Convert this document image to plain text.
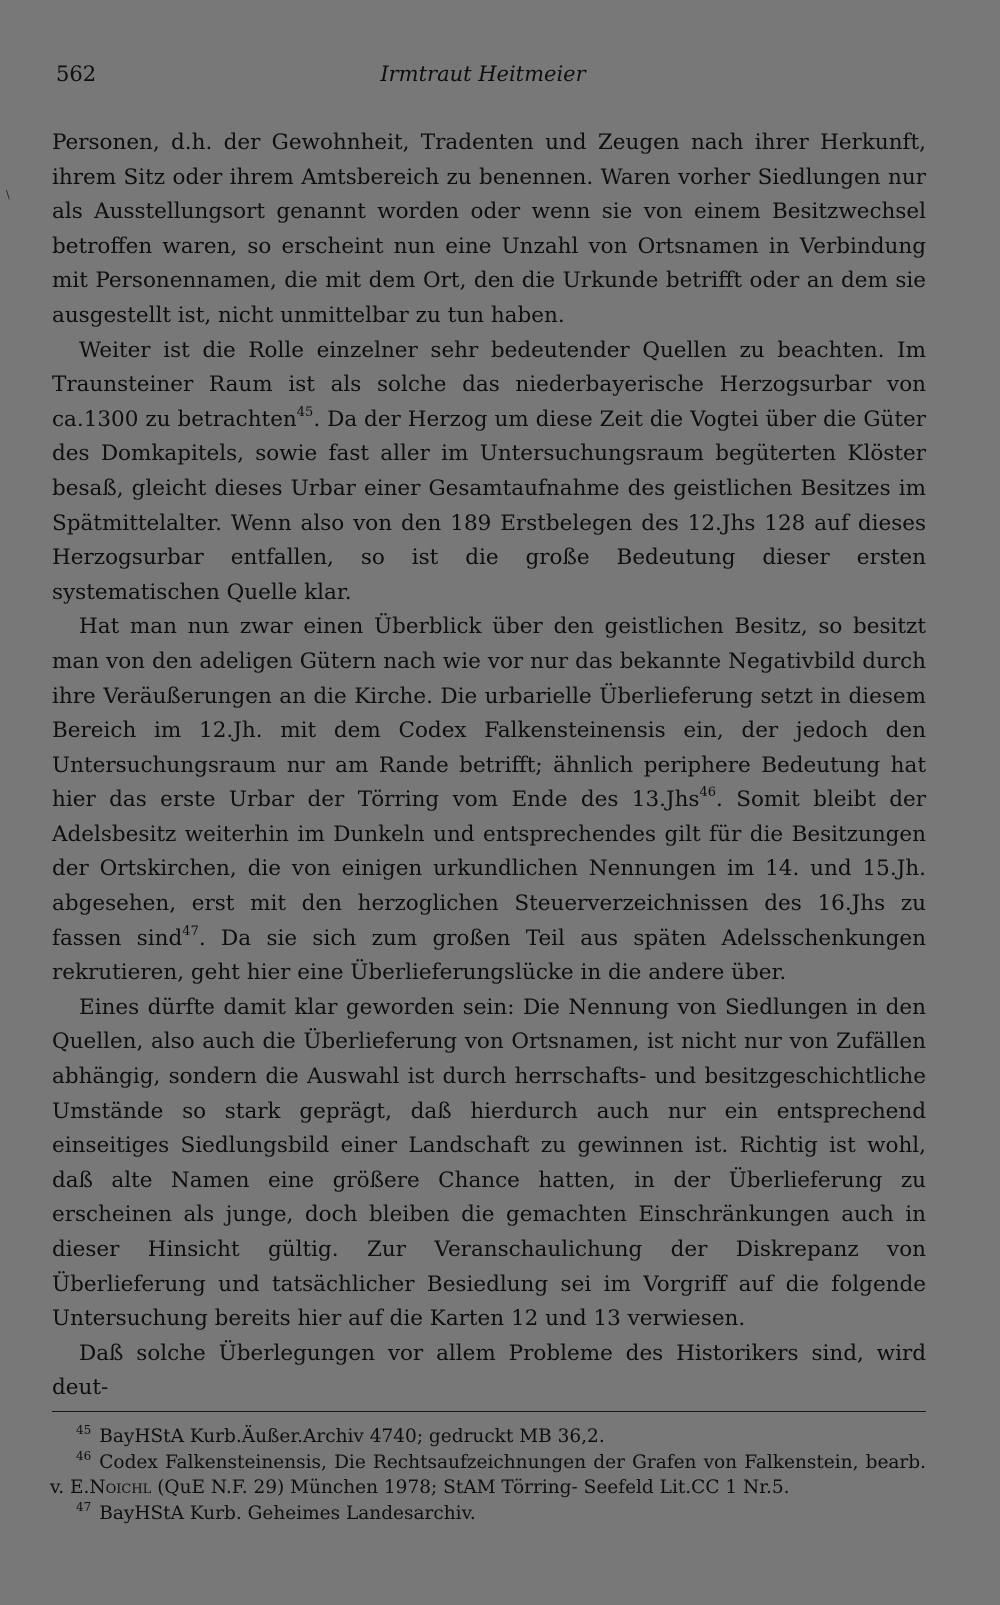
\
562	Irmtraut Heitmeier

Personen, d.h. der Gewohnheit, Tradenten und Zeugen nach ihrer Herkunft, ihrem Sitz oder ihrem Amtsbereich zu benennen. Waren vorher Siedlungen nur als Ausstellungsort genannt worden oder wenn sie von einem Besitzwechsel betroffen waren, so erscheint nun eine Unzahl von Ortsnamen in Verbindung mit Personennamen, die mit dem Ort, den die Urkunde betrifft oder an dem sie ausgestellt ist, nicht unmittelbar zu tun haben.

Weiter ist die Rolle einzelner sehr bedeutender Quellen zu beachten. Im Traunsteiner Raum ist als solche das niederbayerische Herzogsurbar von ca.1300 zu betrachten$^{45}$. Da der Herzog um diese Zeit die Vogtei über die Güter des Domkapitels, sowie fast aller im Untersuchungsraum begüterten Klöster besaß, gleicht dieses Urbar einer Gesamtaufnahme des geistlichen Besitzes im Spätmittelalter. Wenn also von den 189 Erstbelegen des 12.Jhs 128 auf dieses Herzogsurbar entfallen, so ist die große Bedeutung dieser ersten systematischen Quelle klar.

Hat man nun zwar einen Überblick über den geistlichen Besitz, so besitzt man von den adeligen Gütern nach wie vor nur das bekannte Negativbild durch ihre Veräußerungen an die Kirche. Die urbarielle Überlieferung setzt in diesem Bereich im 12.Jh. mit dem Codex Falkensteinensis ein, der jedoch den Untersuchungsraum nur am Rande betrifft; ähnlich periphere Bedeutung hat hier das erste Urbar der Törring vom Ende des 13.Jhs$^{46}$. Somit bleibt der Adelsbesitz weiterhin im Dunkeln und entsprechendes gilt für die Besitzungen der Ortskirchen, die von einigen urkundlichen Nennungen im 14. und 15.Jh. abgesehen, erst mit den herzoglichen Steuerverzeichnissen des 16.Jhs zu fassen sind$^{47}$. Da sie sich zum großen Teil aus späten Adelsschenkungen rekrutieren, geht hier eine Überlieferungslücke in die andere über.

Eines dürfte damit klar geworden sein: Die Nennung von Siedlungen in den Quellen, also auch die Überlieferung von Ortsnamen, ist nicht nur von Zufällen abhängig, sondern die Auswahl ist durch herrschafts- und besitzgeschichtliche Umstände so stark geprägt, daß hierdurch auch nur ein entsprechend einseitiges Siedlungsbild einer Landschaft zu gewinnen ist. Richtig ist wohl, daß alte Namen eine größere Chance hatten, in der Überlieferung zu erscheinen als junge, doch bleiben die gemachten Einschränkungen auch in dieser Hinsicht gültig. Zur Veranschaulichung der Diskrepanz von Überlieferung und tatsächlicher Besiedlung sei im Vorgriff auf die folgende Untersuchung bereits hier auf die Karten 12 und 13 verwiesen.

Daß solche Überlegungen vor allem Probleme des Historikers sind, wird deut-

$^{45}$ BayHStA Kurb.Äußer.Archiv 4740; gedruckt MB 36,2.

$^{46}$ Codex Falkensteinensis, Die Rechtsaufzeichnungen der Grafen von Falkenstein, bearb. v. E.Noichl (QuE N.F. 29) München 1978; StAM Törring- Seefeld Lit.CC 1 Nr.5.

$^{47}$ BayHStA Kurb. Geheimes Landesarchiv.
